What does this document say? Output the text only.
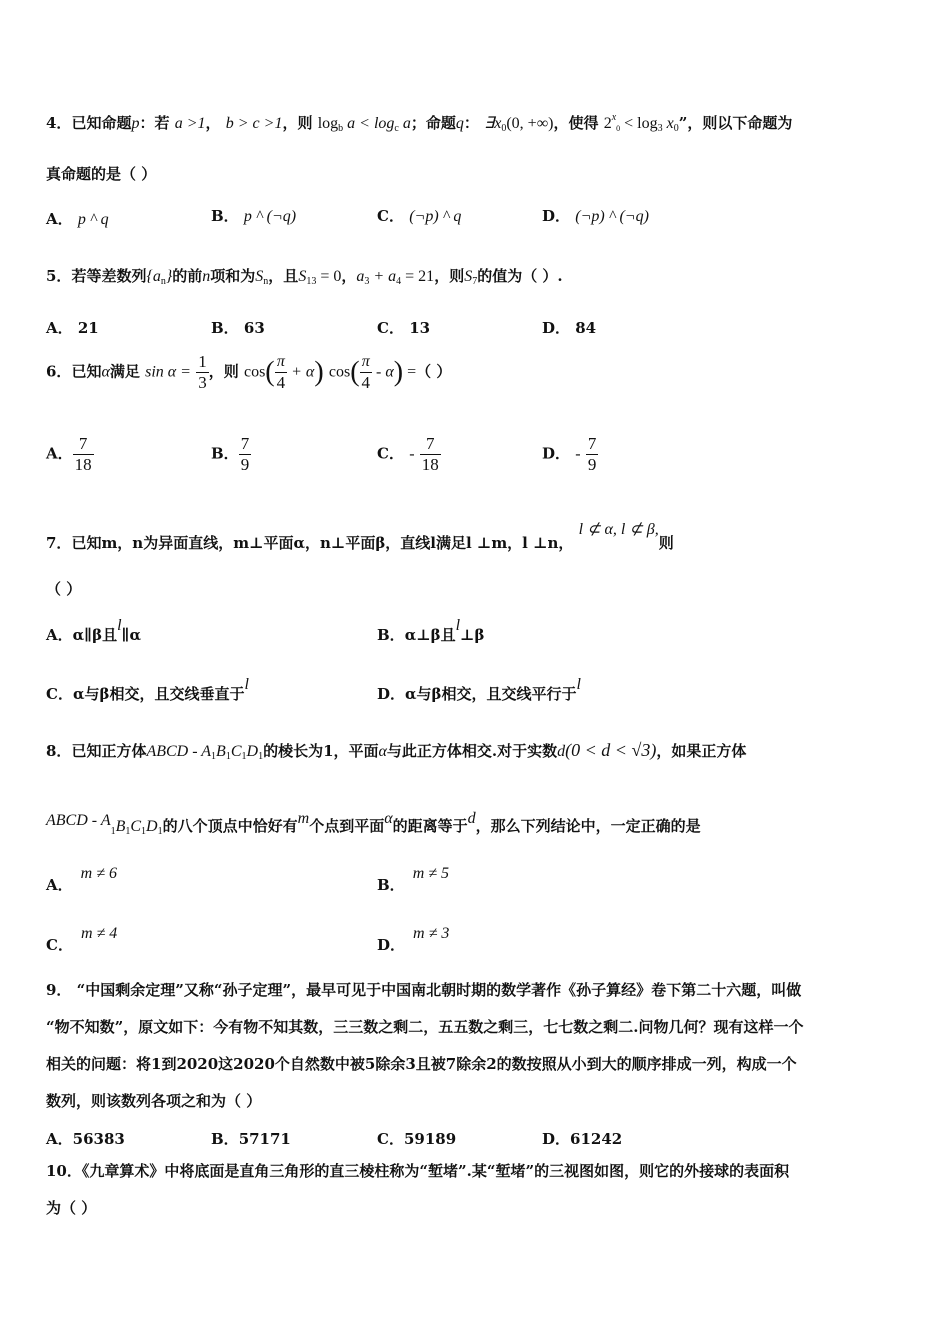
4．已知命题p：若 a >1， b > c >1，则 $\log_b a < \log_c a$；命题q： $\exists x_0(0$, +∞)，使得 $2^x_0 < \log_3 x_0$”，则以下命题为
真命题的是（ ）
A． p ^ q	B． p ^ (¬q)	C． (¬p) ^ q	D． (¬p) ^ (¬q)
5．若等差数列$\{a_n\}$的前n项和为$S_n$，且$S_{13} = 0$，$a_3 + a_4 = 21$，则$S_7$的值为（ ）.
A． 21	B． 63	C． 13	D． 84
6．已知α满足 $\sin \alpha = \frac{1}{3}$ ，则 $\cos( \frac{\pi}{4} + \alpha)$ $\cos( \frac{\pi}{4} - \alpha)$ =（ ）
A． $\frac{7}{18}$	B． $\frac{7}{9}$	C． - $\frac{7}{18}$	D． - $\frac{7}{9}$
7．已知m，n为异面直线，m⊥平面α，n⊥平面β，直线l满足l ⊥m，l ⊥n， l ⊄ α, l ⊄ β,则
（ ）
A．α∥β且l∥α	B．α⊥β且l⊥β
C．α与β相交，且交线垂直于l
D．α与β相交，且交线平行于l
8．已知正方体ABCD - $A_1B_1C_1D_1$的棱长为1，平面α与此正方体相交.对于实数d(0 < d < √3)，如果正方体
ABCD - $A_1B_1C_1D_1$的八个顶点中恰好有m个点到平面α的距离等于d，那么下列结论中，一定正确的是
A．m ≠ 6
B．m ≠ 5
C．m ≠ 4
D．m ≠ 3
9． “中国剩余定理”又称“孙子定理”，最早可见于中国南北朝时期的数学著作《孙子算经》卷下第二十六题，叫做
“物不知数”，原文如下：今有物不知其数，三三数之剩二，五五数之剩三，七七数之剩二.问物几何？现有这样一个
相关的问题：将1到2020这2020个自然数中被5除余3且被7除余2的数按照从小到大的顺序排成一列，构成一个
数列，则该数列各项之和为（ ）
A．56383	B．57171	C．59189	D．61242
10．《九章算术》中将底面是直角三角形的直三棱柱称为“堑堵”.某“堑堵”的三视图如图，则它的外接球的表面积
为（ ）
